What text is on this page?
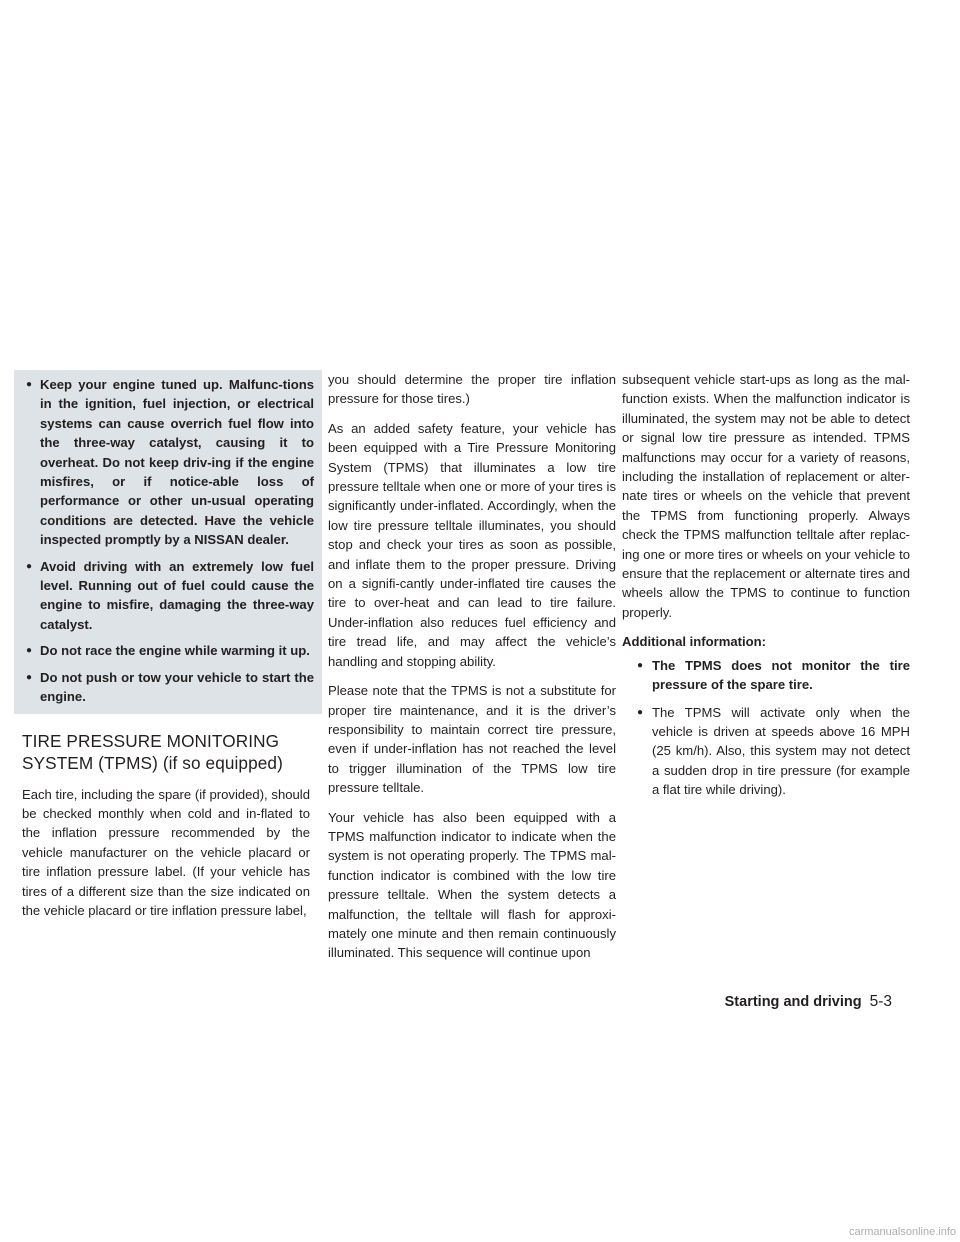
● Keep your engine tuned up. Malfunc-tions in the ignition, fuel injection, or electrical systems can cause overrich fuel flow into the three-way catalyst, causing it to overheat. Do not keep driv-ing if the engine misfires, or if notice-able loss of performance or other un-usual operating conditions are detected. Have the vehicle inspected promptly by a NISSAN dealer.
● Avoid driving with an extremely low fuel level. Running out of fuel could cause the engine to misfire, damaging the three-way catalyst.
● Do not race the engine while warming it up.
● Do not push or tow your vehicle to start the engine.
TIRE PRESSURE MONITORING SYSTEM (TPMS) (if so equipped)

Each tire, including the spare (if provided), should be checked monthly when cold and in-flated to the inflation pressure recommended by the vehicle manufacturer on the vehicle placard or tire inflation pressure label. (If your vehicle has tires of a different size than the size indicated on the vehicle placard or tire inflation pressure label,

you should determine the proper tire inflation pressure for those tires.)

As an added safety feature, your vehicle has been equipped with a Tire Pressure Monitoring System (TPMS) that illuminates a low tire pressure telltale when one or more of your tires is significantly under-inflated. Accordingly, when the low tire pressure telltale illuminates, you should stop and check your tires as soon as possible, and inflate them to the proper pressure. Driving on a signifi-cantly under-inflated tire causes the tire to over-heat and can lead to tire failure. Under-inflation also reduces fuel efficiency and tire tread life, and may affect the vehicle’s handling and stopping ability.

Please note that the TPMS is not a substitute for proper tire maintenance, and it is the driver’s responsibility to maintain correct tire pressure, even if under-inflation has not reached the level to trigger illumination of the TPMS low tire pressure telltale.

Your vehicle has also been equipped with a TPMS malfunction indicator to indicate when the system is not operating properly. The TPMS mal-function indicator is combined with the low tire pressure telltale. When the system detects a malfunction, the telltale will flash for approxi-mately one minute and then remain continuously illuminated. This sequence will continue upon

subsequent vehicle start-ups as long as the mal-function exists. When the malfunction indicator is illuminated, the system may not be able to detect or signal low tire pressure as intended. TPMS malfunctions may occur for a variety of reasons, including the installation of replacement or alter-nate tires or wheels on the vehicle that prevent the TPMS from functioning properly. Always check the TPMS malfunction telltale after replac-ing one or more tires or wheels on your vehicle to ensure that the replacement or alternate tires and wheels allow the TPMS to continue to function properly.

Additional information:
● The TPMS does not monitor the tire pressure of the spare tire.
● The TPMS will activate only when the vehicle is driven at speeds above 16 MPH (25 km/h). Also, this system may not detect a sudden drop in tire pressure (for example a flat tire while driving).
Starting and driving 5-3
carmanualsonline.info
